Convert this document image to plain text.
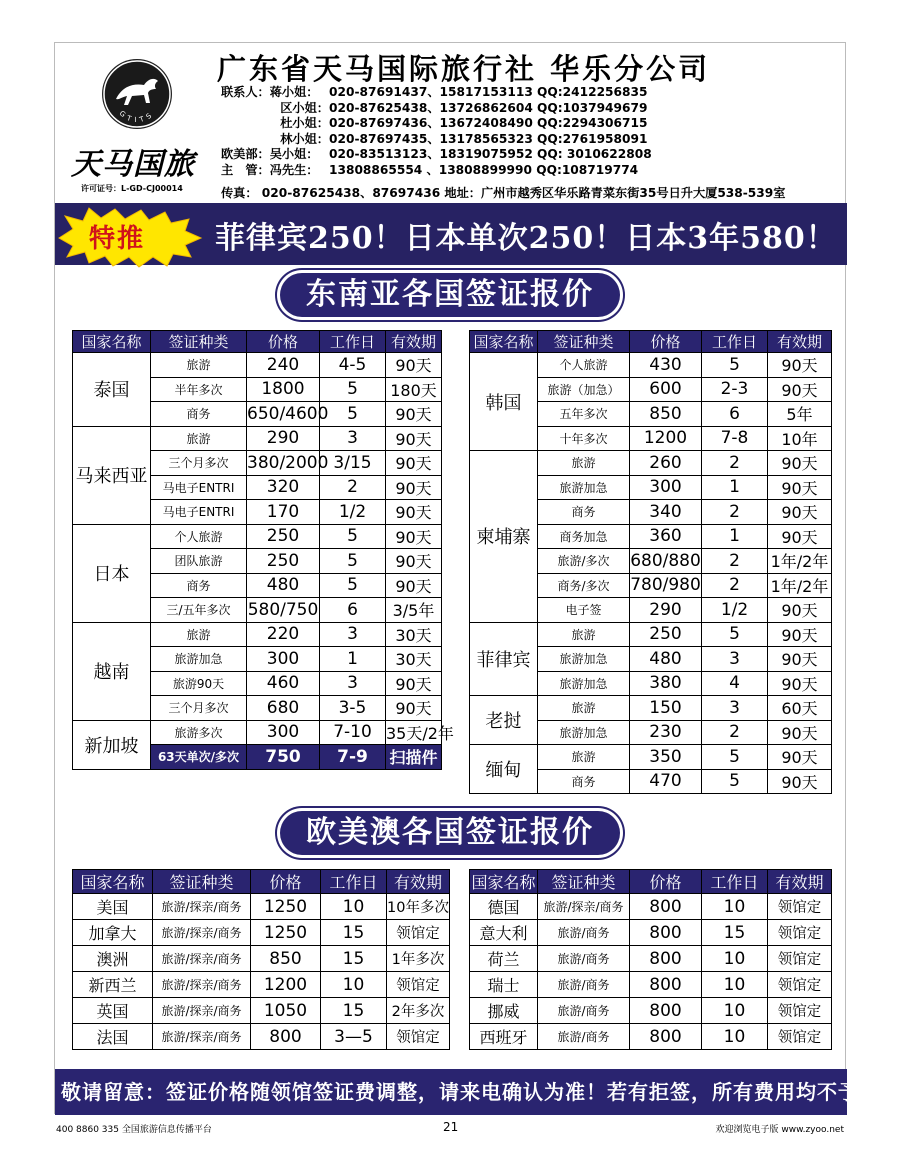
GTITS
天马国旅
许可证号：L-GD-CJ00014
广东省天马国际旅行社 华乐分公司
联系人：蒋小姐： 020-87691437、15817153113 QQ:2412256835
区小姐： 020-87625438、13726862604 QQ:1037949679
杜小姐： 020-87697436、13672408490 QQ:2294306715
林小姐： 020-87697435、13178565323 QQ:2761958091
欧美部：吴小姐： 020-83513123、18319075952 QQ: 3010622808
主　管：冯先生： 13808865554 、13808899990 QQ:108719774
传真： 020-87625438、87697436 地址：广州市越秀区华乐路青菜东街35号日升大厦538-539室
特推 菲律宾250！日本单次250！日本3年580！
东南亚各国签证报价
国家名称	签证种类	价格	工作日	有效期
泰国	旅游	240	4-5	90天
	半年多次	1800	5	180天
	商务	650/4600	5	90天
马来西亚	旅游	290	3	90天
	三个月多次	380/2000	3/15	90天
	马电子ENTRI	320	2	90天
	马电子ENTRI	170	1/2	90天
日本	个人旅游	250	5	90天
	团队旅游	250	5	90天
	商务	480	5	90天
	三/五年多次	580/750	6	3/5年
越南	旅游	220	3	30天
	旅游加急	300	1	30天
	旅游90天	460	3	90天
	三个月多次	680	3-5	90天
新加坡	旅游多次	300	7-10	35天/2年
	63天单次/多次	750	7-9	扫描件
国家名称	签证种类	价格	工作日	有效期
韩国	个人旅游	430	5	90天
	旅游（加急）	600	2-3	90天
	五年多次	850	6	5年
	十年多次	1200	7-8	10年
柬埔寨	旅游	260	2	90天
	旅游加急	300	1	90天
	商务	340	2	90天
	商务加急	360	1	90天
	旅游/多次	680/880	2	1年/2年
	商务/多次	780/980	2	1年/2年
	电子签	290	1/2	90天
菲律宾	旅游	250	5	90天
	旅游加急	480	3	90天
	旅游加急	380	4	90天
老挝	旅游	150	3	60天
	旅游加急	230	2	90天
缅甸	旅游	350	5	90天
	商务	470	5	90天
欧美澳各国签证报价
国家名称	签证种类	价格	工作日	有效期
美国	旅游/探亲/商务	1250	10	10年多次
加拿大	旅游/探亲/商务	1250	15	领馆定
澳洲	旅游/探亲/商务	850	15	1年多次
新西兰	旅游/探亲/商务	1200	10	领馆定
英国	旅游/探亲/商务	1050	15	2年多次
法国	旅游/探亲/商务	800	3—5	领馆定
国家名称	签证种类	价格	工作日	有效期
德国	旅游/探亲/商务	800	10	领馆定
意大利	旅游/商务	800	15	领馆定
荷兰	旅游/商务	800	10	领馆定
瑞士	旅游/商务	800	10	领馆定
挪威	旅游/商务	800	10	领馆定
西班牙	旅游/商务	800	10	领馆定
敬请留意：签证价格随领馆签证费调整，请来电确认为准！若有拒签，所有费用均不予退还
400 8860 335 全国旅游信息传播平台	21	欢迎浏览电子版 www.zyoo.net
